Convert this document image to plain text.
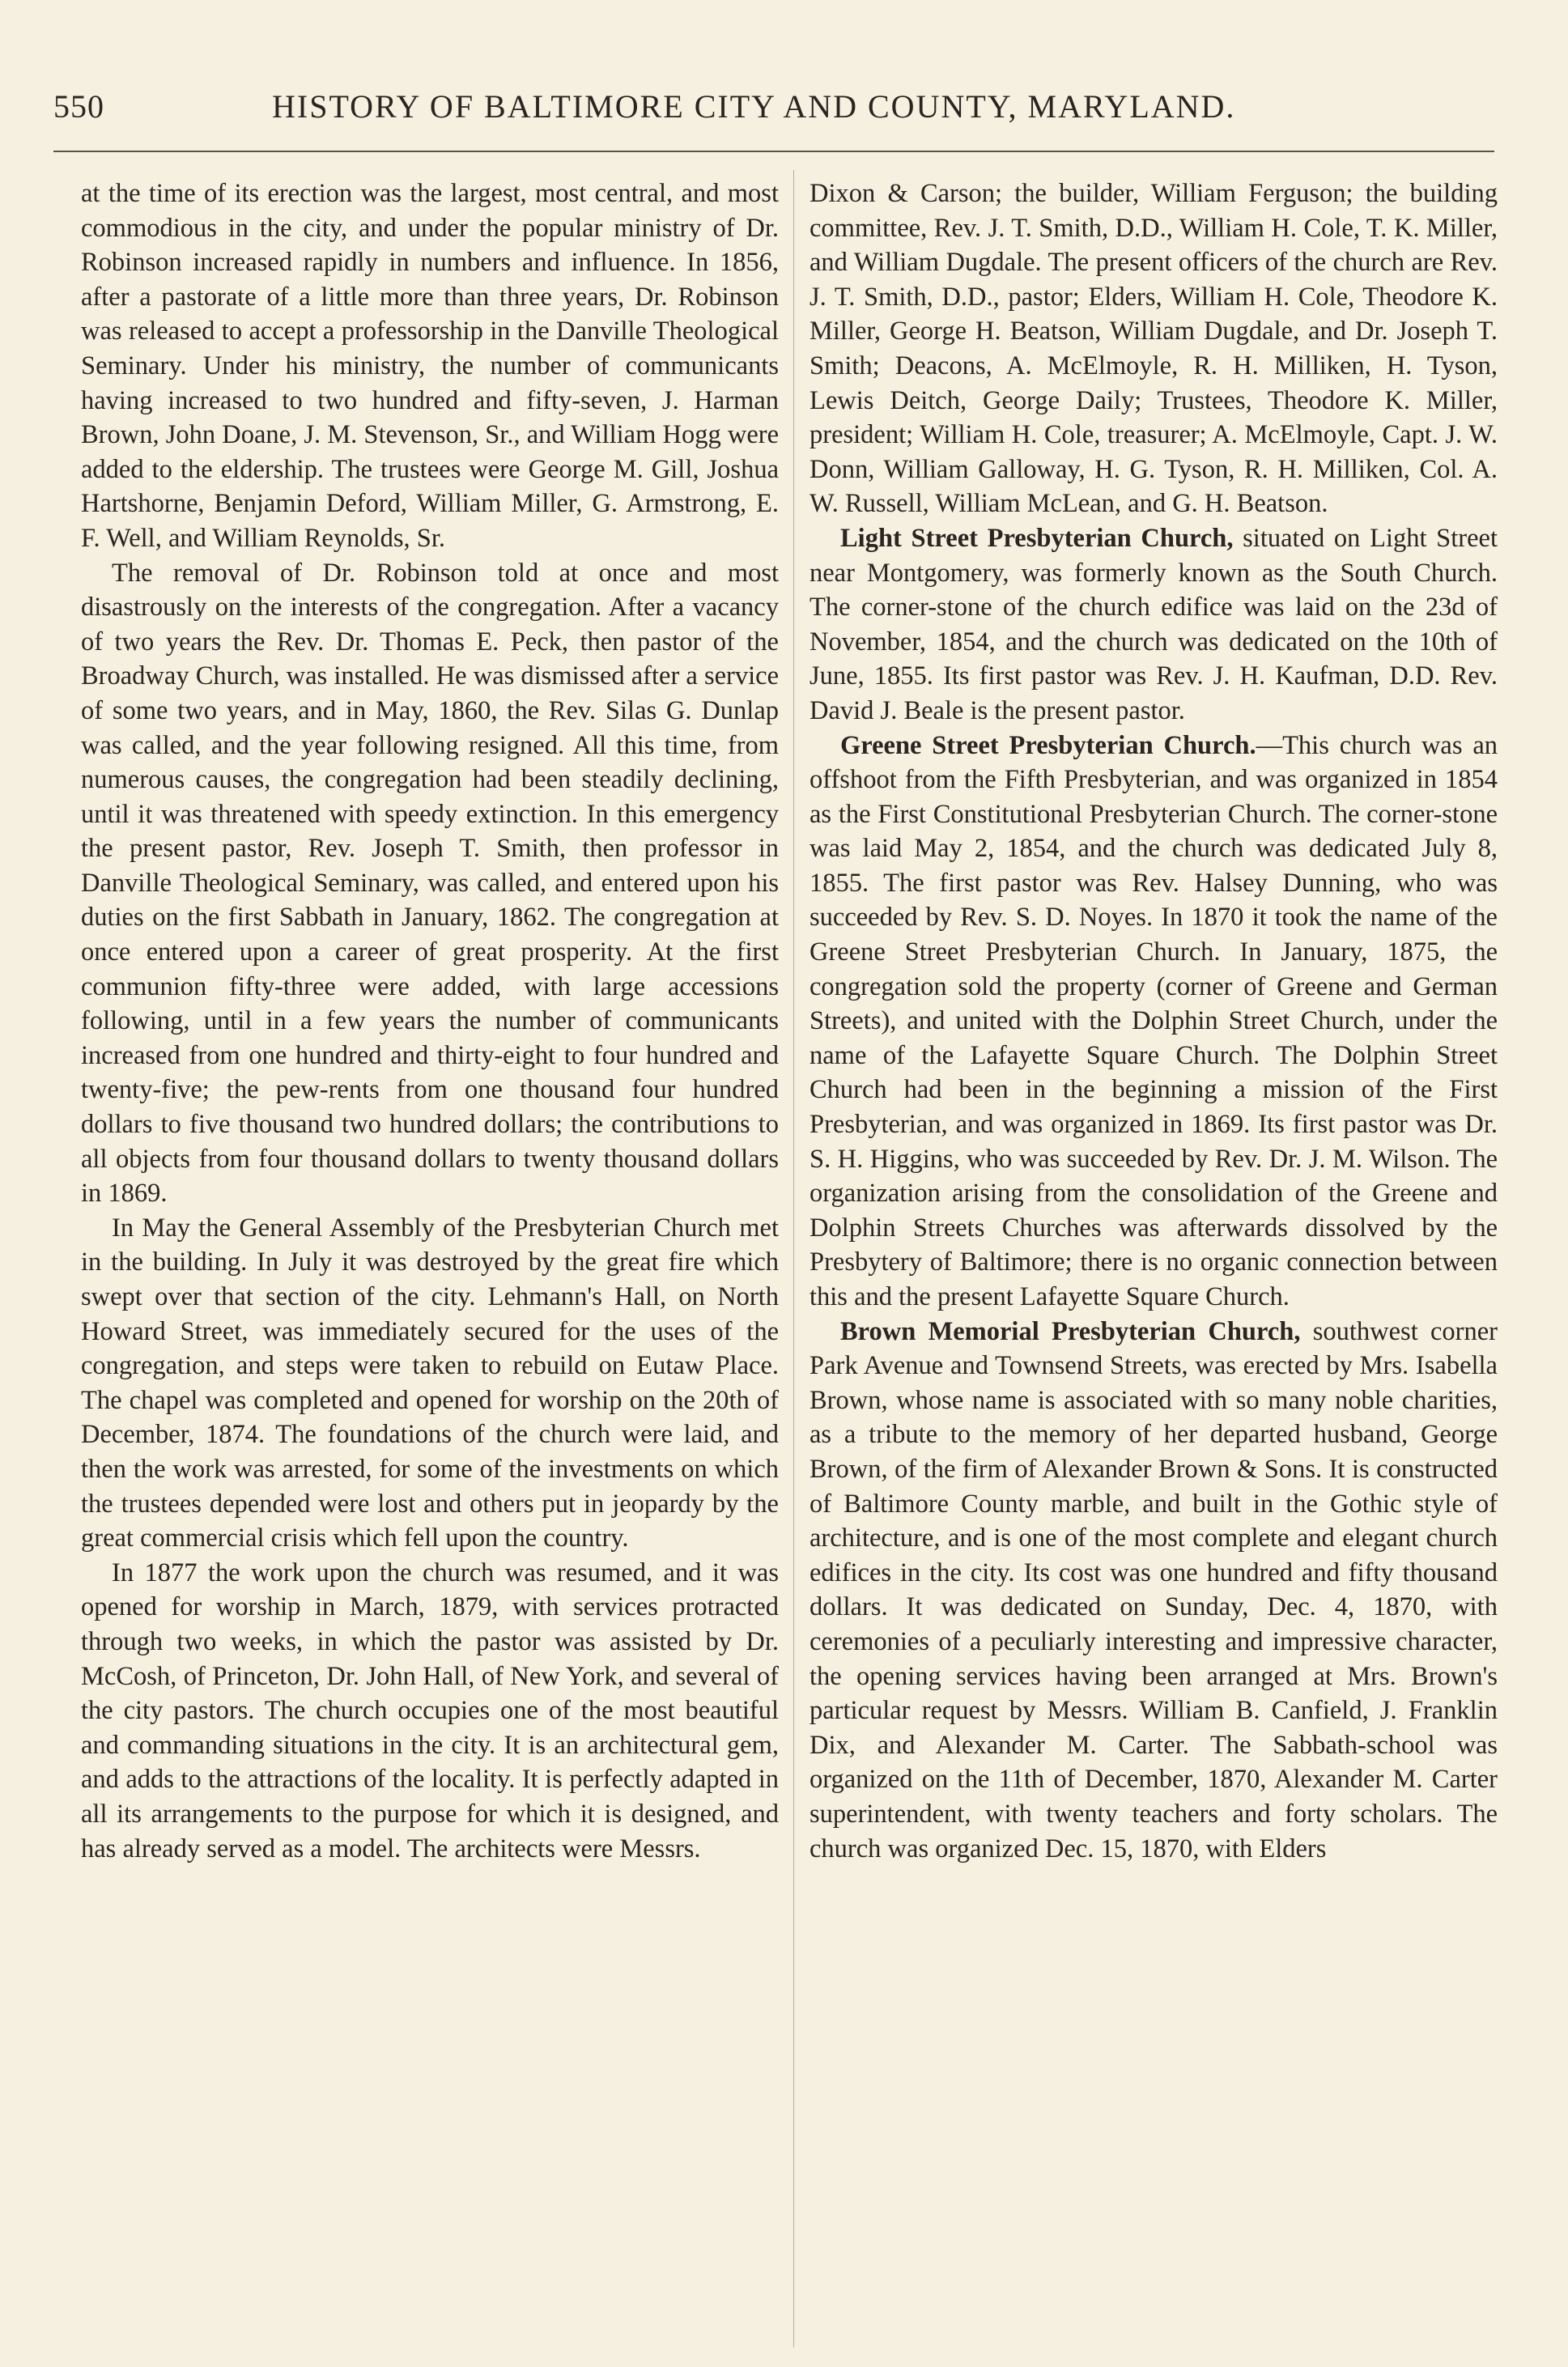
550	HISTORY OF BALTIMORE CITY AND COUNTY, MARYLAND.

at the time of its erection was the largest, most central, and most commodious in the city, and under the popular ministry of Dr. Robinson increased rapidly in numbers and influence. In 1856, after a pastorate of a little more than three years, Dr. Robinson was released to accept a professorship in the Danville Theological Seminary. Under his ministry, the number of communicants having increased to two hundred and fifty-seven, J. Harman Brown, John Doane, J. M. Stevenson, Sr., and William Hogg were added to the eldership. The trustees were George M. Gill, Joshua Hartshorne, Benjamin Deford, William Miller, G. Armstrong, E. F. Well, and William Reynolds, Sr.

The removal of Dr. Robinson told at once and most disastrously on the interests of the congregation. After a vacancy of two years the Rev. Dr. Thomas E. Peck, then pastor of the Broadway Church, was installed. He was dismissed after a service of some two years, and in May, 1860, the Rev. Silas G. Dunlap was called, and the year following resigned. All this time, from numerous causes, the congregation had been steadily declining, until it was threatened with speedy extinction. In this emergency the present pastor, Rev. Joseph T. Smith, then professor in Danville Theological Seminary, was called, and entered upon his duties on the first Sabbath in January, 1862. The congregation at once entered upon a career of great prosperity. At the first communion fifty-three were added, with large accessions following, until in a few years the number of communicants increased from one hundred and thirty-eight to four hundred and twenty-five; the pew-rents from one thousand four hundred dollars to five thousand two hundred dollars; the contributions to all objects from four thousand dollars to twenty thousand dollars in 1869.

In May the General Assembly of the Presbyterian Church met in the building. In July it was destroyed by the great fire which swept over that section of the city. Lehmann's Hall, on North Howard Street, was immediately secured for the uses of the congregation, and steps were taken to rebuild on Eutaw Place. The chapel was completed and opened for worship on the 20th of December, 1874. The foundations of the church were laid, and then the work was arrested, for some of the investments on which the trustees depended were lost and others put in jeopardy by the great commercial crisis which fell upon the country.

In 1877 the work upon the church was resumed, and it was opened for worship in March, 1879, with services protracted through two weeks, in which the pastor was assisted by Dr. McCosh, of Princeton, Dr. John Hall, of New York, and several of the city pastors. The church occupies one of the most beautiful and commanding situations in the city. It is an architectural gem, and adds to the attractions of the locality. It is perfectly adapted in all its arrangements to the purpose for which it is designed, and has already served as a model. The architects were Messrs.

Dixon & Carson; the builder, William Ferguson; the building committee, Rev. J. T. Smith, D.D., William H. Cole, T. K. Miller, and William Dugdale. The present officers of the church are Rev. J. T. Smith, D.D., pastor; Elders, William H. Cole, Theodore K. Miller, George H. Beatson, William Dugdale, and Dr. Joseph T. Smith; Deacons, A. McElmoyle, R. H. Milliken, H. Tyson, Lewis Deitch, George Daily; Trustees, Theodore K. Miller, president; William H. Cole, treasurer; A. McElmoyle, Capt. J. W. Donn, William Galloway, H. G. Tyson, R. H. Milliken, Col. A. W. Russell, William McLean, and G. H. Beatson.

Light Street Presbyterian Church, situated on Light Street near Montgomery, was formerly known as the South Church. The corner-stone of the church edifice was laid on the 23d of November, 1854, and the church was dedicated on the 10th of June, 1855. Its first pastor was Rev. J. H. Kaufman, D.D. Rev. David J. Beale is the present pastor.

Greene Street Presbyterian Church.—This church was an offshoot from the Fifth Presbyterian, and was organized in 1854 as the First Constitutional Presbyterian Church. The corner-stone was laid May 2, 1854, and the church was dedicated July 8, 1855. The first pastor was Rev. Halsey Dunning, who was succeeded by Rev. S. D. Noyes. In 1870 it took the name of the Greene Street Presbyterian Church. In January, 1875, the congregation sold the property (corner of Greene and German Streets), and united with the Dolphin Street Church, under the name of the Lafayette Square Church. The Dolphin Street Church had been in the beginning a mission of the First Presbyterian, and was organized in 1869. Its first pastor was Dr. S. H. Higgins, who was succeeded by Rev. Dr. J. M. Wilson. The organization arising from the consolidation of the Greene and Dolphin Streets Churches was afterwards dissolved by the Presbytery of Baltimore; there is no organic connection between this and the present Lafayette Square Church.

Brown Memorial Presbyterian Church, southwest corner Park Avenue and Townsend Streets, was erected by Mrs. Isabella Brown, whose name is associated with so many noble charities, as a tribute to the memory of her departed husband, George Brown, of the firm of Alexander Brown & Sons. It is constructed of Baltimore County marble, and built in the Gothic style of architecture, and is one of the most complete and elegant church edifices in the city. Its cost was one hundred and fifty thousand dollars. It was dedicated on Sunday, Dec. 4, 1870, with ceremonies of a peculiarly interesting and impressive character, the opening services having been arranged at Mrs. Brown's particular request by Messrs. William B. Canfield, J. Franklin Dix, and Alexander M. Carter. The Sabbath-school was organized on the 11th of December, 1870, Alexander M. Carter superintendent, with twenty teachers and forty scholars. The church was organized Dec. 15, 1870, with Elders
